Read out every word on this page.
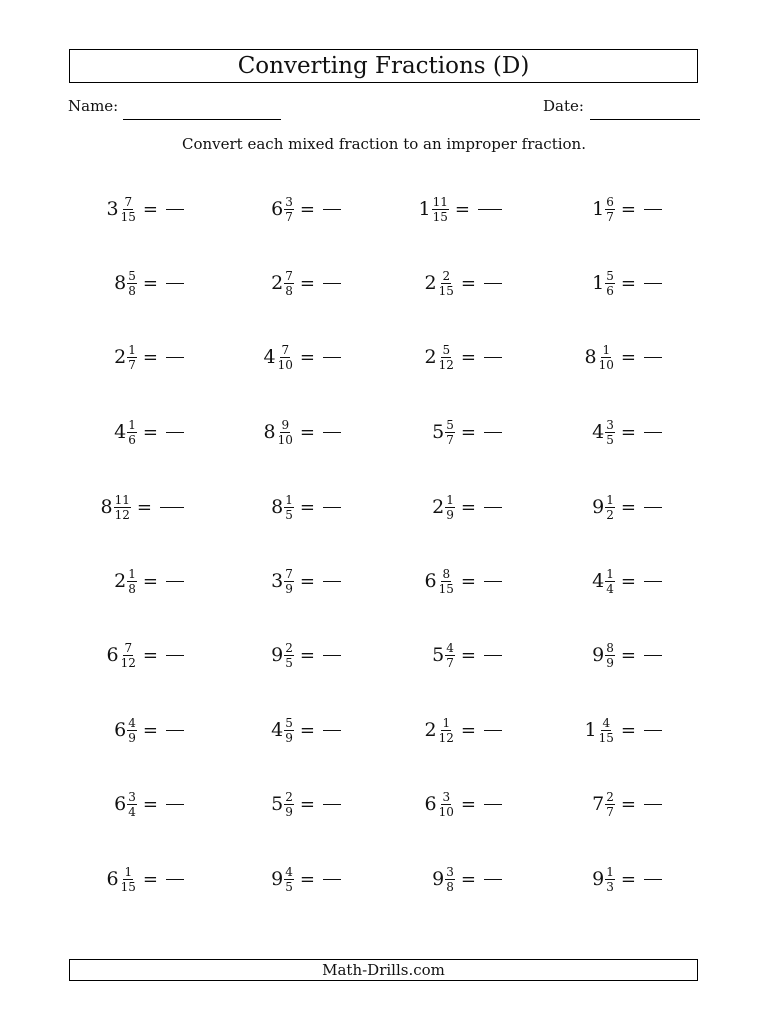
Converting Fractions (D)
Name:	Date:
Convert each mixed fraction to an improper fraction.
$3 \frac{7}{15}$ =	$6 \frac{3}{7}$ =	$1 \frac{11}{15}$ =	$1 \frac{6}{7}$ =
$8 \frac{5}{8}$ =	$2 \frac{7}{8}$ =	$2 \frac{2}{15}$ =	$1 \frac{5}{6}$ =
$2 \frac{1}{7}$ =	$4 \frac{7}{10}$ =	$2 \frac{5}{12}$ =	$8 \frac{1}{10}$ =
$4 \frac{1}{6}$ =	$8 \frac{9}{10}$ =	$5 \frac{5}{7}$ =	$4 \frac{3}{5}$ =
$8 \frac{11}{12}$ =	$8 \frac{1}{5}$ =	$2 \frac{1}{9}$ =	$9 \frac{1}{2}$ =
$2 \frac{1}{8}$ =	$3 \frac{7}{9}$ =	$6 \frac{8}{15}$ =	$4 \frac{1}{4}$ =
$6 \frac{7}{12}$ =	$9 \frac{2}{5}$ =	$5 \frac{4}{7}$ =	$9 \frac{8}{9}$ =
$6 \frac{4}{9}$ =	$4 \frac{5}{9}$ =	$2 \frac{1}{12}$ =	$1 \frac{4}{15}$ =
$6 \frac{3}{4}$ =	$5 \frac{2}{9}$ =	$6 \frac{3}{10}$ =	$7 \frac{2}{7}$ =
$6 \frac{1}{15}$ =	$9 \frac{4}{5}$ =	$9 \frac{3}{8}$ =	$9 \frac{1}{3}$ =
Math-Drills.com
